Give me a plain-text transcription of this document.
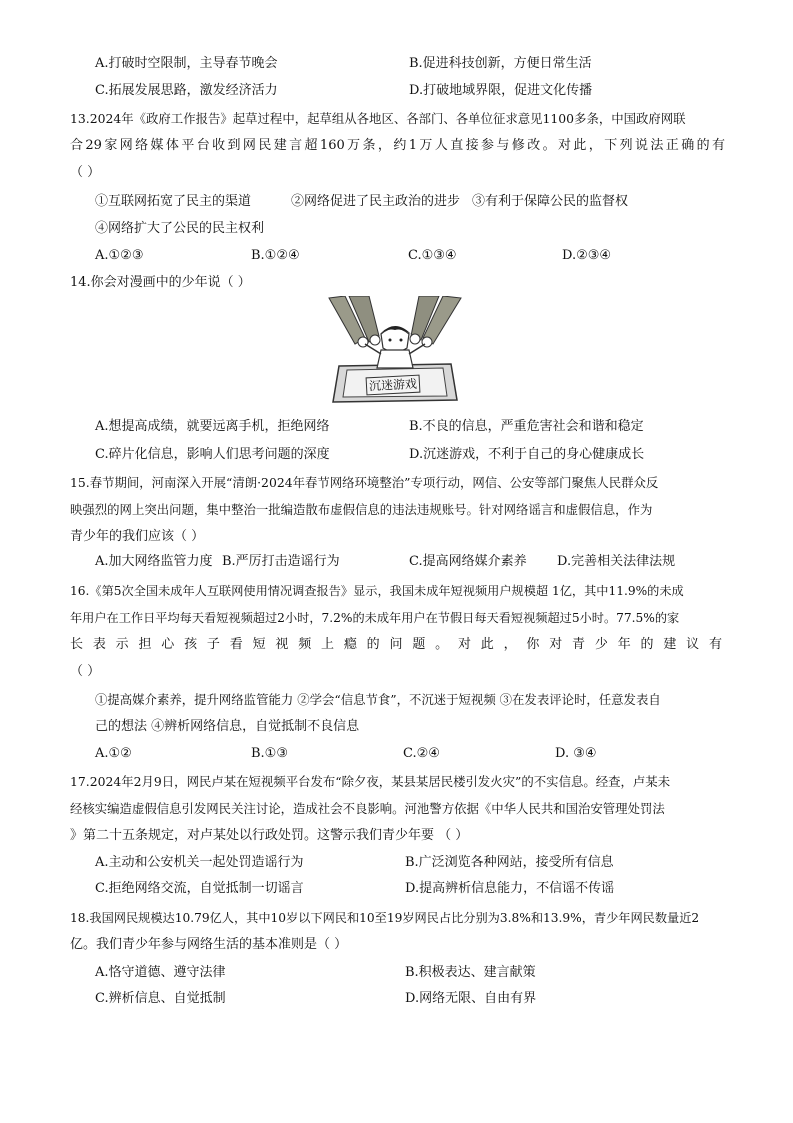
A.打破时空限制，主导春节晚会	B.促进科技创新，方便日常生活
C.拓展发展思路，激发经济活力	D.打破地域界限，促进文化传播
13.2024年《政府工作报告》起草过程中，起草组从各地区、各部门、各单位征求意见1100多条，中国政府网联
合29家网络媒体平台收到网民建言超160万条，约1万人直接参与修改。对此，下列说法正确的有
（ ）
①互联网拓宽了民主的渠道	②网络促进了民主政治的进步 ③有利于保障公民的监督权
④网络扩大了公民的民主权利
A.①②③	B.①②④	C.①③④	D.②③④
14.你会对漫画中的少年说（ ）
沉迷游戏
A.想提高成绩，就要远离手机，拒绝网络	B.不良的信息，严重危害社会和谐和稳定
C.碎片化信息，影响人们思考问题的深度	D.沉迷游戏，不利于自己的身心健康成长
15.春节期间，河南深入开展“清朗·2024年春节网络环境整治”专项行动，网信、公安等部门聚焦人民群众反
映强烈的网上突出问题，集中整治一批编造散布虚假信息的违法违规账号。针对网络谣言和虚假信息，作为
青少年的我们应该（ ）
A.加大网络监管力度 B.严厉打击造谣行为	C.提高网络媒介素养 D.完善相关法律法规
16.《第5次全国未成年人互联网使用情况调查报告》显示，我国未成年短视频用户规模超 1亿，其中11.9%的未成
年用户在工作日平均每天看短视频超过2小时，7.2%的未成年用户在节假日每天看短视频超过5小时。77.5%的家
长表示担心孩子看短视频上瘾的问题。对此，你对青少年的建议有
（ ）
①提高媒介素养，提升网络监管能力 ②学会“信息节食”，不沉迷于短视频 ③在发表评论时，任意发表自
己的想法 ④辨析网络信息，自觉抵制不良信息
A.①②	B.①③	C.②④	D. ③④
17.2024年2月9日，网民卢某在短视频平台发布“除夕夜，某县某居民楼引发火灾”的不实信息。经查，卢某未
经核实编造虚假信息引发网民关注讨论，造成社会不良影响。河池警方依据《中华人民共和国治安管理处罚法
》第二十五条规定，对卢某处以行政处罚。这警示我们青少年要 （ ）
A.主动和公安机关一起处罚造谣行为	B.广泛浏览各种网站，接受所有信息
C.拒绝网络交流，自觉抵制一切谣言	D.提高辨析信息能力，不信谣不传谣
18.我国网民规模达10.79亿人，其中10岁以下网民和10至19岁网民占比分别为3.8%和13.9%，青少年网民数量近2
亿。我们青少年参与网络生活的基本准则是（ ）
A.恪守道德、遵守法律	B.积极表达、建言献策
C.辨析信息、自觉抵制	D.网络无限、自由有界
